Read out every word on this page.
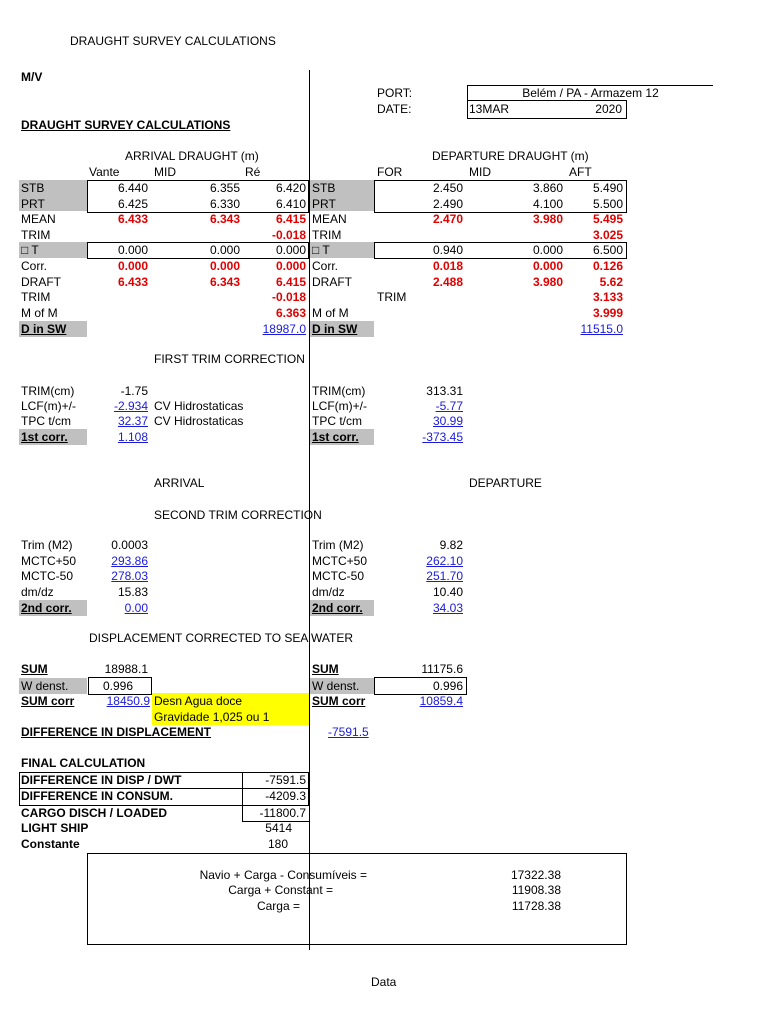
DRAUGHT SURVEY CALCULATIONS
M/V
DRAUGHT SURVEY CALCULATIONS
PORT:
DATE:
Belém / PA - Armazem 12
13MAR	2020
ARRIVAL DRAUGHT (m)
Vante	MID	Ré
STB	6.440	6.355	6.420
PRT	6.425	6.330	6.410
MEAN	6.433	6.343	6.415
TRIM	-0.018
□ T	0.000	0.000	0.000
Corr.	0.000	0.000	0.000
DRAFT	6.433	6.343	6.415
TRIM	-0.018
M of M	6.363
D in SW	18987.0
DEPARTURE DRAUGHT (m)
FOR	MID	AFT
STB	2.450	3.860	5.490
PRT	2.490	4.100	5.500
MEAN	2.470	3.980	5.495
TRIM	3.025
□ T	0.940	0.000	6.500
Corr.	0.018	0.000	0.126
DRAFT	2.488	3.980	5.62
TRIM	3.133
M of M	3.999
D in SW	11515.0
FIRST TRIM CORRECTION
TRIM(cm)	-1.75
LCF(m)+/-	-2.934 CV Hidrostaticas
TPC t/cm	32.37 CV Hidrostaticas
1st corr.	1.108
TRIM(cm)	313.31
LCF(m)+/-	-5.77
TPC t/cm	30.99
1st corr.	-373.45
ARRIVAL	DEPARTURE
SECOND TRIM CORRECTION
Trim (M2)	0.0003
MCTC+50	293.86
MCTC-50	278.03
dm/dz	15.83
2nd corr.	0.00
Trim (M2)	9.82
MCTC+50	262.10
MCTC-50	251.70
dm/dz	10.40
2nd corr.	34.03
DISPLACEMENT CORRECTED TO SEA WATER
SUM	18988.1
W denst.	0.996
SUM corr	18450.9 Desn Agua doce
Gravidade 1,025 ou 1
SUM	11175.6
W denst.	0.996
SUM corr	10859.4
DIFFERENCE IN DISPLACEMENT	-7591.5
FINAL CALCULATION
DIFFERENCE IN DISP / DWT	-7591.5
DIFFERENCE IN CONSUM.	-4209.3
CARGO DISCH / LOADED	-11800.7
LIGHT SHIP	5414
Constante	180
Navio + Carga - Consumíveis =	17322.38
Carga + Constant =	11908.38
Carga =	11728.38
Data
